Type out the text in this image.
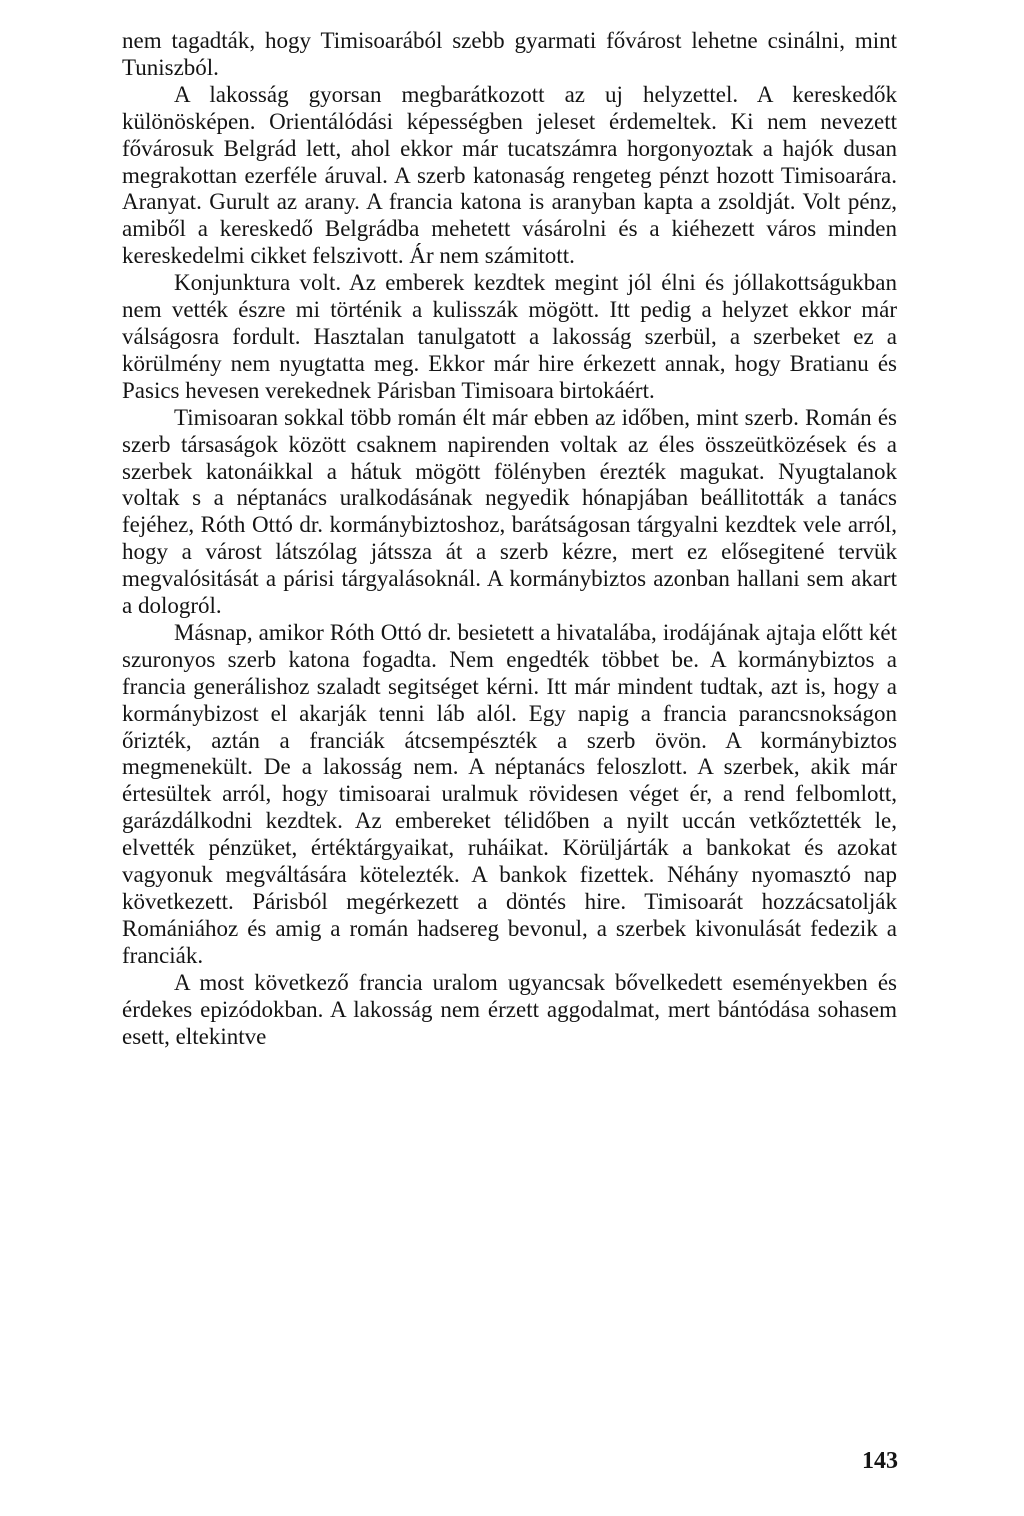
nem tagadták, hogy Timisoarából szebb gyarmati fővárost lehetne csinálni, mint Tuniszból.

A lakosság gyorsan megbarátkozott az uj helyzettel. A kereskedők különösképen. Orientálódási képességben jeleset érdemeltek. Ki nem nevezett fővárosuk Belgrád lett, ahol ekkor már tucatszámra horgonyoztak a hajók dusan megrakottan ezerféle áruval. A szerb katonaság rengeteg pénzt hozott Timisoarára. Aranyat. Gurult az arany. A francia katona is aranyban kapta a zsoldját. Volt pénz, amiből a kereskedő Belgrádba mehetett vásárolni és a kiéhezett város minden kereskedelmi cikket felszivott. Ár nem számitott.

Konjunktura volt. Az emberek kezdtek megint jól élni és jóllakottságukban nem vették észre mi történik a kulisszák mögött. Itt pedig a helyzet ekkor már válságosra fordult. Hasztalan tanulgatott a lakosság szerbül, a szerbeket ez a körülmény nem nyugtatta meg. Ekkor már hire érkezett annak, hogy Bratianu és Pasics hevesen verekednek Párisban Timisoara birtokáért.

Timisoaran sokkal több román élt már ebben az időben, mint szerb. Román és szerb társaságok között csaknem napirenden voltak az éles összeütközések és a szerbek katonáikkal a hátuk mögött fölényben érezték magukat. Nyugtalanok voltak s a néptanács uralkodásának negyedik hónapjában beállitották a tanács fejéhez, Róth Ottó dr. kormánybiztoshoz, barátságosan tárgyalni kezdtek vele arról, hogy a várost látszólag játssza át a szerb kézre, mert ez elősegitené tervük megvalósitását a párisi tárgyalásoknál. A kormánybiztos azonban hallani sem akart a dologról.

Másnap, amikor Róth Ottó dr. besietett a hivatalába, irodájának ajtaja előtt két szuronyos szerb katona fogadta. Nem engedték többet be. A kormánybiztos a francia generálishoz szaladt segitséget kérni. Itt már mindent tudtak, azt is, hogy a kormánybizost el akarják tenni láb alól. Egy napig a francia parancsnokságon őrizték, aztán a franciák átcsempészték a szerb övön. A kormánybiztos megmenekült. De a lakosság nem. A néptanács feloszlott. A szerbek, akik már értesültek arról, hogy timisoarai uralmuk rövidesen véget ér, a rend felbomlott, garázdálkodni kezdtek. Az embereket télidőben a nyilt uccán vetkőztették le, elvették pénzüket, értéktárgyaikat, ruháikat. Körüljárták a bankokat és azokat vagyonuk megváltására kötelezték. A bankok fizettek. Néhány nyomasztó nap következett. Párisból megérkezett a döntés hire. Timisoarát hozzácsatolják Romániához és amig a román hadsereg bevonul, a szerbek kivonulását fedezik a franciák.

A most következő francia uralom ugyancsak bővelkedett eseményekben és érdekes epizódokban. A lakosság nem érzett aggodalmat, mert bántódása sohasem esett, eltekintve

143
